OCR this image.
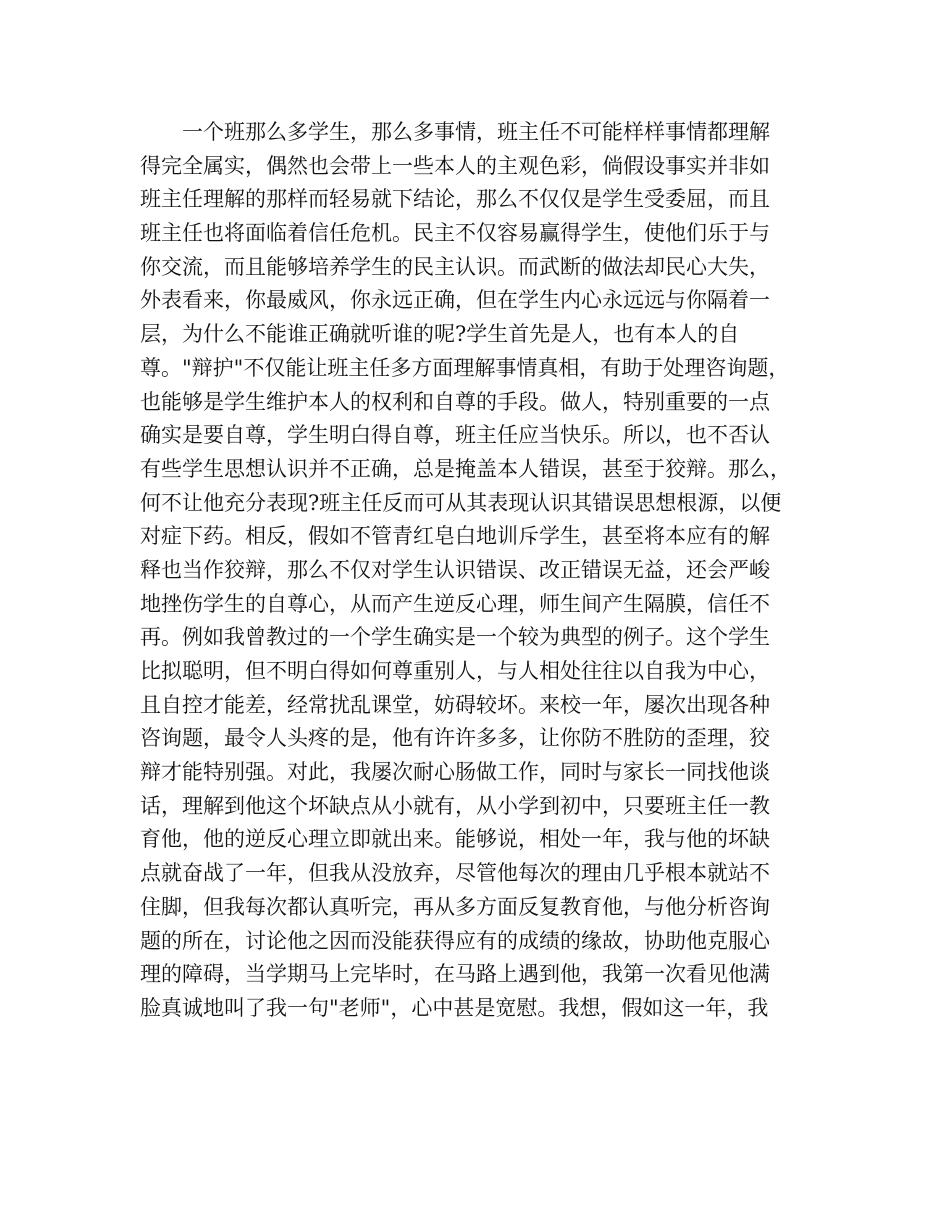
一个班那么多学生，那么多事情，班主任不可能样样事情都理解
得完全属实，偶然也会带上一些本人的主观色彩，倘假设事实并非如
班主任理解的那样而轻易就下结论，那么不仅仅是学生受委屈，而且
班主任也将面临着信任危机。民主不仅容易赢得学生，使他们乐于与
你交流，而且能够培养学生的民主认识。而武断的做法却民心大失，
外表看来，你最威风，你永远正确，但在学生内心永远远与你隔着一
层，为什么不能谁正确就听谁的呢?学生首先是人，也有本人的自
尊。"辩护"不仅能让班主任多方面理解事情真相，有助于处理咨询题，
也能够是学生维护本人的权利和自尊的手段。做人，特别重要的一点
确实是要自尊，学生明白得自尊，班主任应当快乐。所以，也不否认
有些学生思想认识并不正确，总是掩盖本人错误，甚至于狡辩。那么，
何不让他充分表现?班主任反而可从其表现认识其错误思想根源，以便
对症下药。相反，假如不管青红皂白地训斥学生，甚至将本应有的解
释也当作狡辩，那么不仅对学生认识错误、改正错误无益，还会严峻
地挫伤学生的自尊心，从而产生逆反心理，师生间产生隔膜，信任不
再。例如我曾教过的一个学生确实是一个较为典型的例子。这个学生
比拟聪明，但不明白得如何尊重别人，与人相处往往以自我为中心，
且自控才能差，经常扰乱课堂，妨碍较坏。来校一年，屡次出现各种
咨询题，最令人头疼的是，他有许许多多，让你防不胜防的歪理，狡
辩才能特别强。对此，我屡次耐心肠做工作，同时与家长一同找他谈
话，理解到他这个坏缺点从小就有，从小学到初中，只要班主任一教
育他，他的逆反心理立即就出来。能够说，相处一年，我与他的坏缺
点就奋战了一年，但我从没放弃，尽管他每次的理由几乎根本就站不
住脚，但我每次都认真听完，再从多方面反复教育他，与他分析咨询
题的所在，讨论他之因而没能获得应有的成绩的缘故，协助他克服心
理的障碍，当学期马上完毕时，在马路上遇到他，我第一次看见他满
脸真诚地叫了我一句"老师"，心中甚是宽慰。我想，假如这一年，我
